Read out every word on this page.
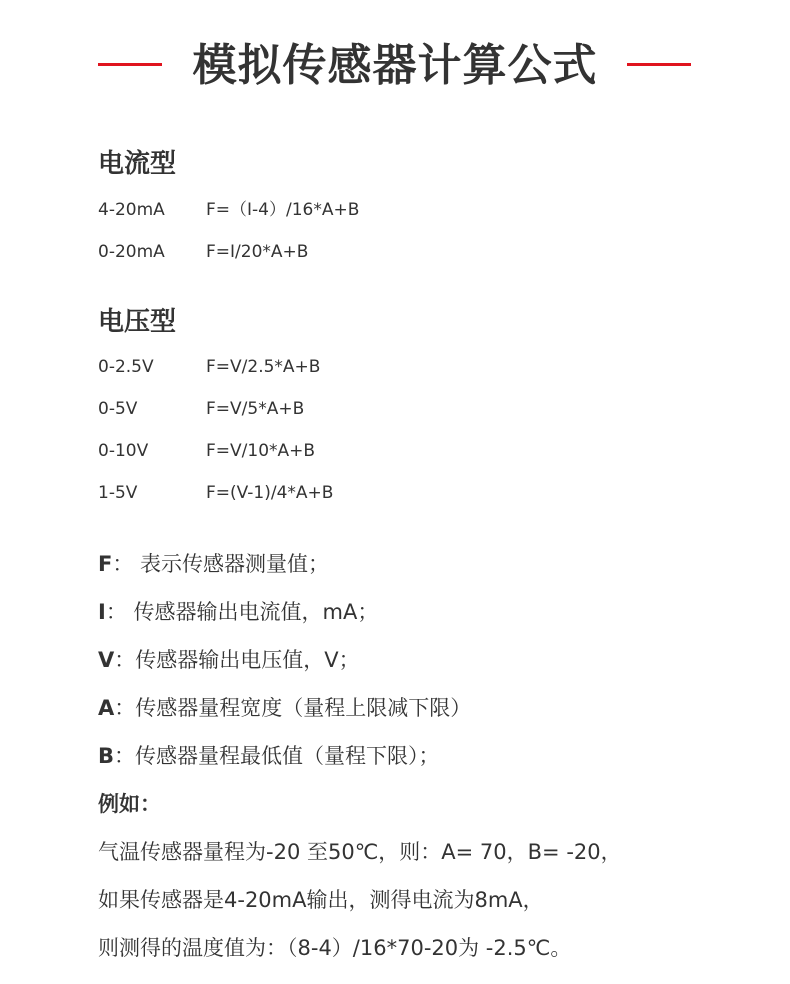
模拟传感器计算公式
电流型
4-20mA F=（I-4）/16*A+B
0-20mA F=I/20*A+B
电压型
0-2.5V	F=V/2.5*A+B
0-5V	F=V/5*A+B
0-10V	F=V/10*A+B
1-5V	F=(V-1)/4*A+B
F： 表示传感器测量值；
I： 传感器输出电流值，mA；
V：传感器输出电压值，V；
A：传感器量程宽度（量程上限减下限）
B：传感器量程最低值（量程下限）；
例如：
气温传感器量程为-20 至50℃，则：A= 70，B= -20，
如果传感器是4-20mA输出，测得电流为8mA，
则测得的温度值为：（8-4）/16*70-20为 -2.5℃。
